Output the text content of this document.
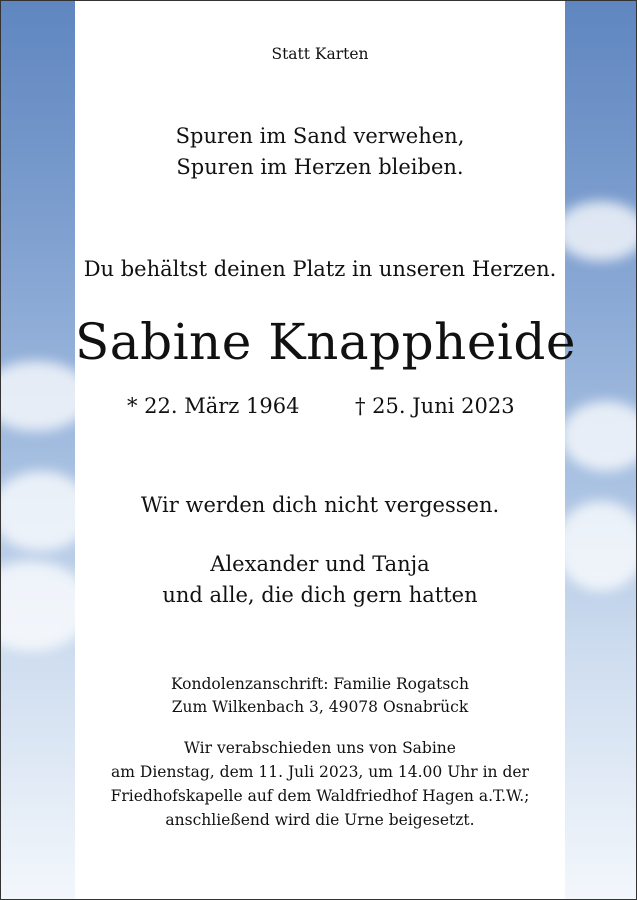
Statt Karten
Spuren im Sand verwehen,
Spuren im Herzen bleiben.
Du behältst deinen Platz in unseren Herzen.
Sabine Knappheide
* 22. März 1964	† 25. Juni 2023
Wir werden dich nicht vergessen.
Alexander und Tanja
und alle, die dich gern hatten
Kondolenzanschrift: Familie Rogatsch
Zum Wilkenbach 3, 49078 Osnabrück
Wir verabschieden uns von Sabine
am Dienstag, dem 11. Juli 2023, um 14.00 Uhr in der
Friedhofskapelle auf dem Waldfriedhof Hagen a.T.W.;
anschließend wird die Urne beigesetzt.
